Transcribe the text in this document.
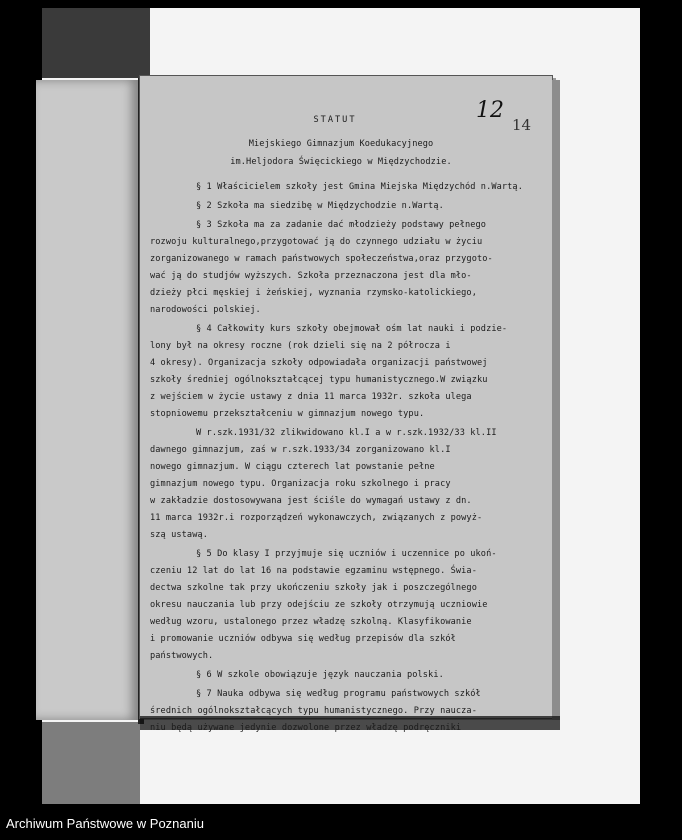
12
14
STATUT
Miejskiego Gimnazjum Koedukacyjnego
im.Heljodora Święcickiego w Międzychodzie.
§ 1 Właścicielem szkoły jest Gmina Miejska Międzychód n.Wartą.
§ 2 Szkoła ma siedzibę w Międzychodzie n.Wartą.
§ 3 Szkoła ma za zadanie dać młodzieży podstawy pełnego
rozwoju kulturalnego,przygotować ją do czynnego udziału w życiu
zorganizowanego w ramach państwowych społeczeństwa,oraz przygoto-
wać ją do studjów wyższych. Szkoła przeznaczona jest dla mło-
dzieży płci męskiej i żeńskiej, wyznania rzymsko-katolickiego,
narodowości polskiej.
§ 4 Całkowity kurs szkoły obejmował ośm lat nauki i podzie-
lony był na okresy roczne (rok dzieli się na 2 półrocza i
4 okresy). Organizacja szkoły odpowiadała organizacji państwowej
szkoły średniej ogólnokształcącej typu humanistycznego.W związku
z wejściem w życie ustawy z dnia 11 marca 1932r. szkoła ulega
stopniowemu przekształceniu w gimnazjum nowego typu.
W r.szk.1931/32 zlikwidowano kl.I a w r.szk.1932/33 kl.II
dawnego gimnazjum, zaś w r.szk.1933/34 zorganizowano kl.I
nowego gimnazjum. W ciągu czterech lat powstanie pełne
gimnazjum nowego typu. Organizacja roku szkolnego i pracy
w zakładzie dostosowywana jest ściśle do wymagań ustawy z dn.
11 marca 1932r.i rozporządzeń wykonawczych, związanych z powyż-
szą ustawą.
§ 5 Do klasy I przyjmuje się uczniów i uczennice po ukoń-
czeniu 12 lat do lat 16 na podstawie egzaminu wstępnego. Świa-
dectwa szkolne tak przy ukończeniu szkoły jak i poszczególnego
okresu nauczania lub przy odejściu ze szkoły otrzymują uczniowie
według wzoru, ustalonego przez władzę szkolną. Klasyfikowanie
i promowanie uczniów odbywa się według przepisów dla szkół
państwowych.
§ 6 W szkole obowiązuje język nauczania polski.
§ 7 Nauka odbywa się według programu państwowych szkół
średnich ogólnokształcących typu humanistycznego. Przy naucza-
niu będą używane jedynie dozwolone przez władzę podręczniki
Archiwum Państwowe w Poznaniu
